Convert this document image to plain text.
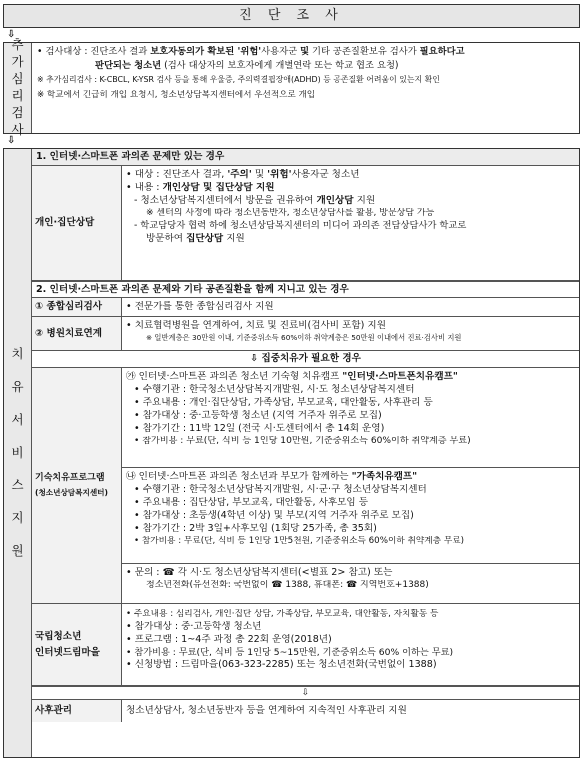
진 단 조 사
⇩
추
가
심
리
검
사

• 검사대상 : 진단조사 결과 보호자동의가 확보된 '위험'사용자군 및 기타 공존질환보유 검사가 필요하다고

판단되는 청소년 (검사 대상자의 보호자에게 개별연락 또는 학교 협조 요청)

※ 추가심리검사 : K-CBCL, K-YSR 검사 등을 통해 우울증, 주의력결핍장애(ADHD) 등 공존질환 어려움이 있는지 확인

※ 학교에서 긴급히 개입 요청시, 청소년상담복지센터에서 우선적으로 개입

⇩
치
유
서
비
스
지
원
1. 인터넷·스마트폰 과의존 문제만 있는 경우
개인·집단상담

• 대상 : 진단조사 결과, '주의' 및 '위험'사용자군 청소년

• 내용 : 개인상담 및 집단상담 지원

- 청소년상담복지센터에서 방문을 권유하여 개인상담 지원

※ 센터의 사정에 따라 청소년동반자, 청소년상담사를 활용, 방문상담 가능

- 학교담당자 협력 하에 청소년상담복지센터의 미디어 과의존 전담상담사가 학교로

방문하여 집단상담 지원

2. 인터넷·스마트폰 과의존 문제와 기타 공존질환을 함께 지니고 있는 경우
① 종합심리검사	• 전문가를 통한 종합심리검사 지원

② 병원치료연계

• 치료협력병원을 연계하여, 치료 및 진료비(검사비 포함) 지원

※ 일반계층은 30만원 이내, 기준중위소득 60%이하 취약계층은 50만원 이내에서 진료·검사비 지원

⇩ 집중치유가 필요한 경우
기숙치유프로그램
(청소년상담복지센터)

㉮ 인터넷·스마트폰 과의존 청소년 기숙형 치유캠프 "인터넷·스마트폰치유캠프"

• 수행기관 : 한국청소년상담복지개발원, 시·도 청소년상담복지센터

• 주요내용 : 개인·집단상담, 가족상담, 부모교육, 대안활동, 사후관리 등

• 참가대상 : 중·고등학생 청소년 (지역 거주자 위주로 모집)

• 참가기간 : 11박 12일 (전국 시·도센터에서 총 14회 운영)

• 참가비용 : 무료(단, 식비 등 1인당 10만원, 기준중위소득 60%이하 취약계층 무료)

㉯ 인터넷·스마트폰 과의존 청소년과 부모가 함께하는 "가족치유캠프"

• 수행기관 : 한국청소년상담복지개발원, 시·군·구 청소년상담복지센터

• 주요내용 : 집단상담, 부모교육, 대안활동, 사후모임 등

• 참가대상 : 초등생(4학년 이상) 및 부모(지역 거주자 위주로 모집)

• 참가기간 : 2박 3일+사후모임 (1회당 25가족, 총 35회)

• 참가비용 : 무료(단, 식비 등 1인당 1만5천원, 기준중위소득 60%이하 취약계층 무료)

• 문의 : ☎ 각 시·도 청소년상담복지센터(<별표 2> 참고) 또는

청소년전화(유선전화: 국번없이 ☎ 1388, 휴대폰: ☎ 지역번호+1388)

국립청소년
인터넷드림마을

• 주요내용 : 심리검사, 개인·집단 상담, 가족상담, 부모교육, 대안활동, 자치활동 등

• 참가대상 : 중·고등학생 청소년

• 프로그램 : 1~4주 과정 총 22회 운영(2018년)

• 참가비용 : 무료(단, 식비 등 1인당 5~15만원, 기준중위소득 60% 이하는 무료)

• 신청방법 : 드림마을(063-323-2285) 또는 청소년전화(국번없이 1388)

⇩
사후관리	청소년상담사, 청소년동반자 등을 연계하여 지속적인 사후관리 지원
